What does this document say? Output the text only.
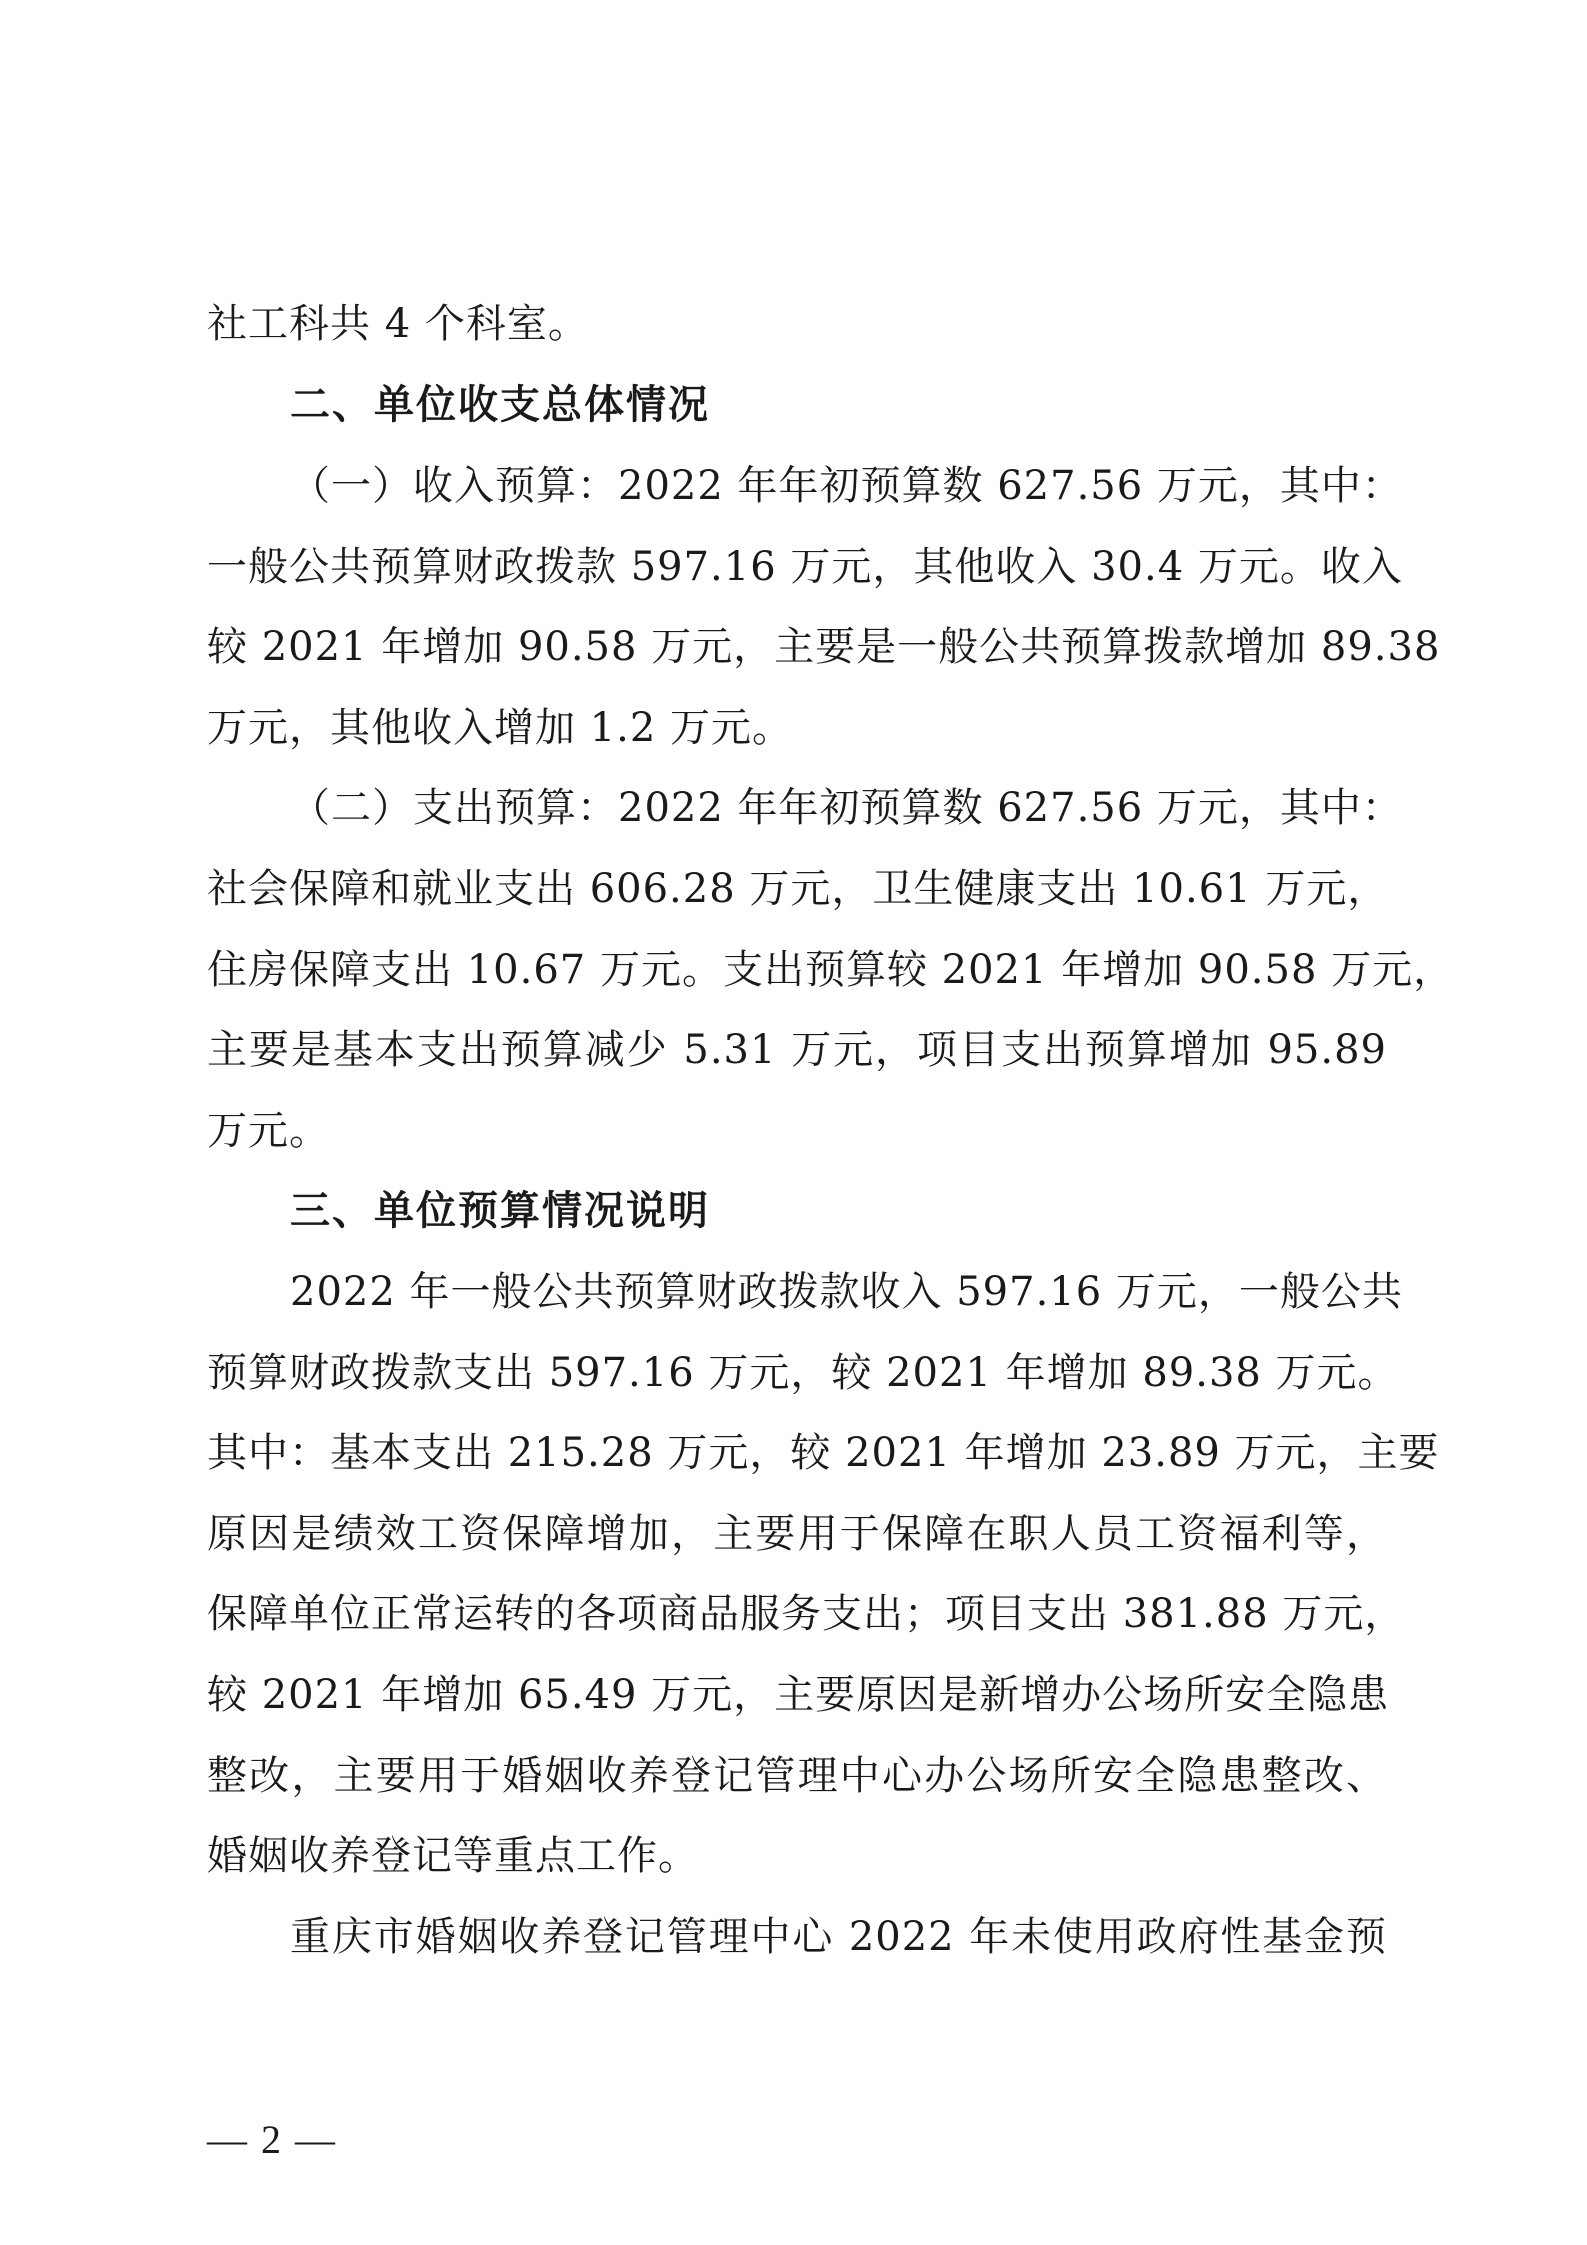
社工科共 4 个科室。
二、单位收支总体情况
（一）收入预算：2022 年年初预算数 627.56 万元，其中：
一般公共预算财政拨款 597.16 万元，其他收入 30.4 万元。收入
较 2021 年增加 90.58 万元，主要是一般公共预算拨款增加 89.38
万元，其他收入增加 1.2 万元。
（二）支出预算：2022 年年初预算数 627.56 万元，其中：
社会保障和就业支出 606.28 万元，卫生健康支出 10.61 万元，
住房保障支出 10.67 万元。支出预算较 2021 年增加 90.58 万元，
主要是基本支出预算减少 5.31 万元，项目支出预算增加 95.89
万元。
三、单位预算情况说明
2022 年一般公共预算财政拨款收入 597.16 万元，一般公共
预算财政拨款支出 597.16 万元，较 2021 年增加 89.38 万元。
其中：基本支出 215.28 万元，较 2021 年增加 23.89 万元，主要
原因是绩效工资保障增加，主要用于保障在职人员工资福利等，
保障单位正常运转的各项商品服务支出；项目支出 381.88 万元，
较 2021 年增加 65.49 万元，主要原因是新增办公场所安全隐患
整改，主要用于婚姻收养登记管理中心办公场所安全隐患整改、
婚姻收养登记等重点工作。
重庆市婚姻收养登记管理中心 2022 年未使用政府性基金预
— 2 —
